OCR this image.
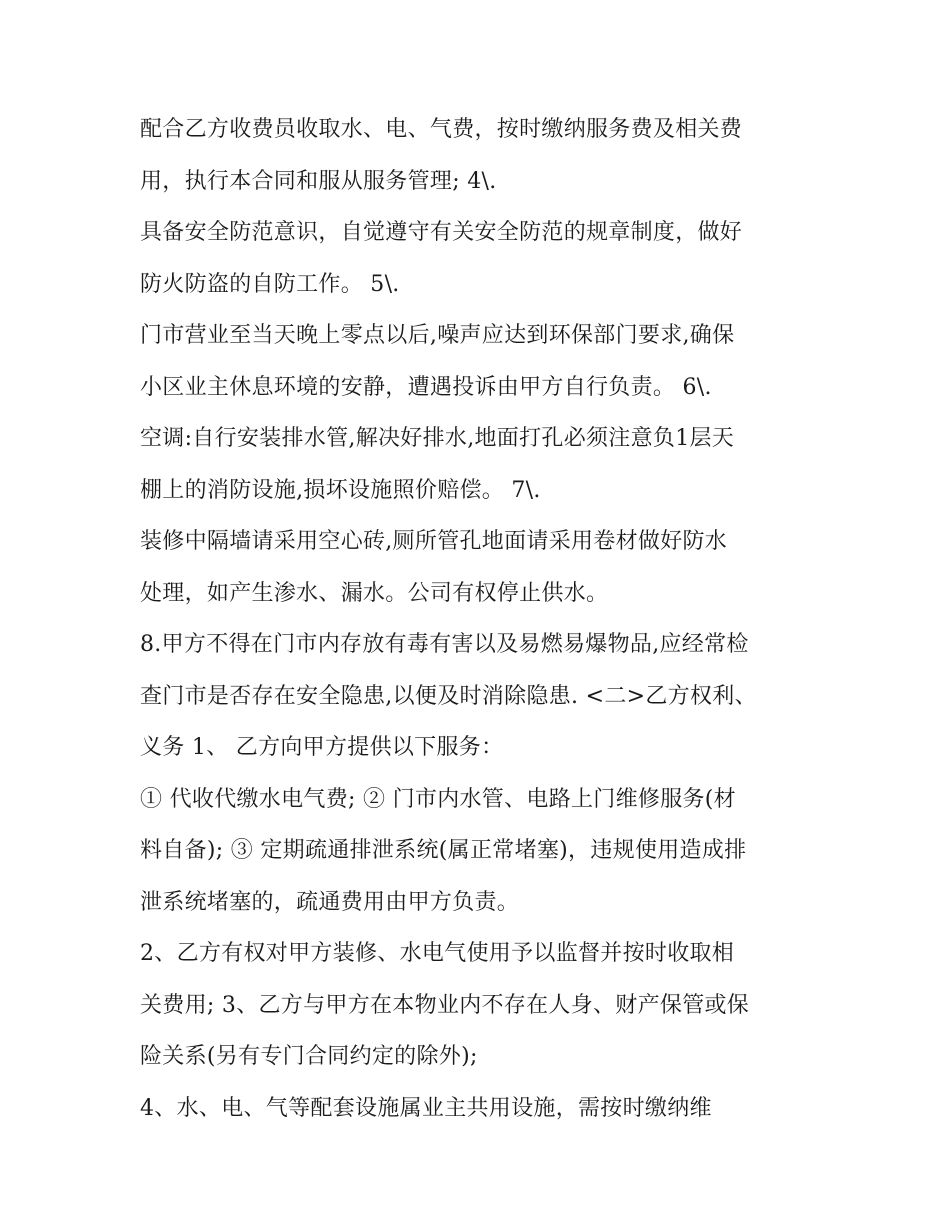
配合乙方收费员收取水、电、气费，按时缴纳服务费及相关费
用，执行本合同和服从服务管理; 4\.
具备安全防范意识，自觉遵守有关安全防范的规章制度，做好
防火防盗的自防工作。 5\.
门市营业至当天晚上零点以后,噪声应达到环保部门要求,确保
小区业主休息环境的安静，遭遇投诉由甲方自行负责。 6\.
空调:自行安装排水管,解决好排水,地面打孔必须注意负1层天
棚上的消防设施,损坏设施照价赔偿。 7\.
装修中隔墙请采用空心砖,厕所管孔地面请采用卷材做好防水
处理，如产生渗水、漏水。公司有权停止供水。
8.甲方不得在门市内存放有毒有害以及易燃易爆物品,应经常检
查门市是否存在安全隐患,以便及时消除隐患. <二>乙方权利、
义务 1、 乙方向甲方提供以下服务：
① 代收代缴水电气费; ② 门市内水管、电路上门维修服务(材
料自备); ③ 定期疏通排泄系统(属正常堵塞)，违规使用造成排
泄系统堵塞的，疏通费用由甲方负责。
2、乙方有权对甲方装修、水电气使用予以监督并按时收取相
关费用; 3、乙方与甲方在本物业内不存在人身、财产保管或保
险关系(另有专门合同约定的除外);
4、水、电、气等配套设施属业主共用设施，需按时缴纳维
